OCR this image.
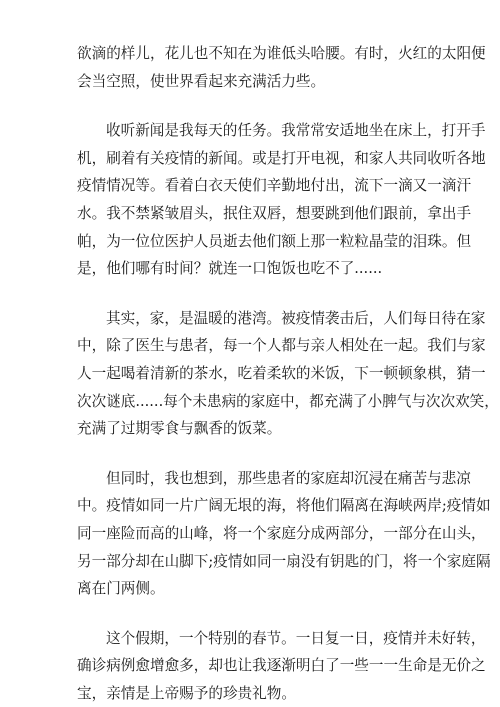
欲滴的样儿，花儿也不知在为谁低头哈腰。有时，火红的太阳便
会当空照，使世界看起来充满活力些。
收听新闻是我每天的任务。我常常安适地坐在床上，打开手
机，刷着有关疫情的新闻。或是打开电视，和家人共同收听各地
疫情情况等。看着白衣天使们辛勤地付出，流下一滴又一滴汗
水。我不禁紧皱眉头，抿住双唇，想要跳到他们跟前，拿出手
帕，为一位位医护人员逝去他们额上那一粒粒晶莹的泪珠。但
是，他们哪有时间？就连一口饱饭也吃不了......
其实，家，是温暖的港湾。被疫情袭击后，人们每日待在家
中，除了医生与患者，每一个人都与亲人相处在一起。我们与家
人一起喝着清新的茶水，吃着柔软的米饭，下一顿顿象棋，猜一
次次谜底......每个未患病的家庭中，都充满了小脾气与次次欢笑，
充满了过期零食与飘香的饭菜。
但同时，我也想到，那些患者的家庭却沉浸在痛苦与悲凉
中。疫情如同一片广阔无垠的海，将他们隔离在海峡两岸;疫情如
同一座险而高的山峰，将一个家庭分成两部分，一部分在山头，
另一部分却在山脚下;疫情如同一扇没有钥匙的门，将一个家庭隔
离在门两侧。
这个假期，一个特别的春节。一日复一日，疫情并未好转，
确诊病例愈增愈多，却也让我逐渐明白了一些一一生命是无价之
宝，亲情是上帝赐予的珍贵礼物。
